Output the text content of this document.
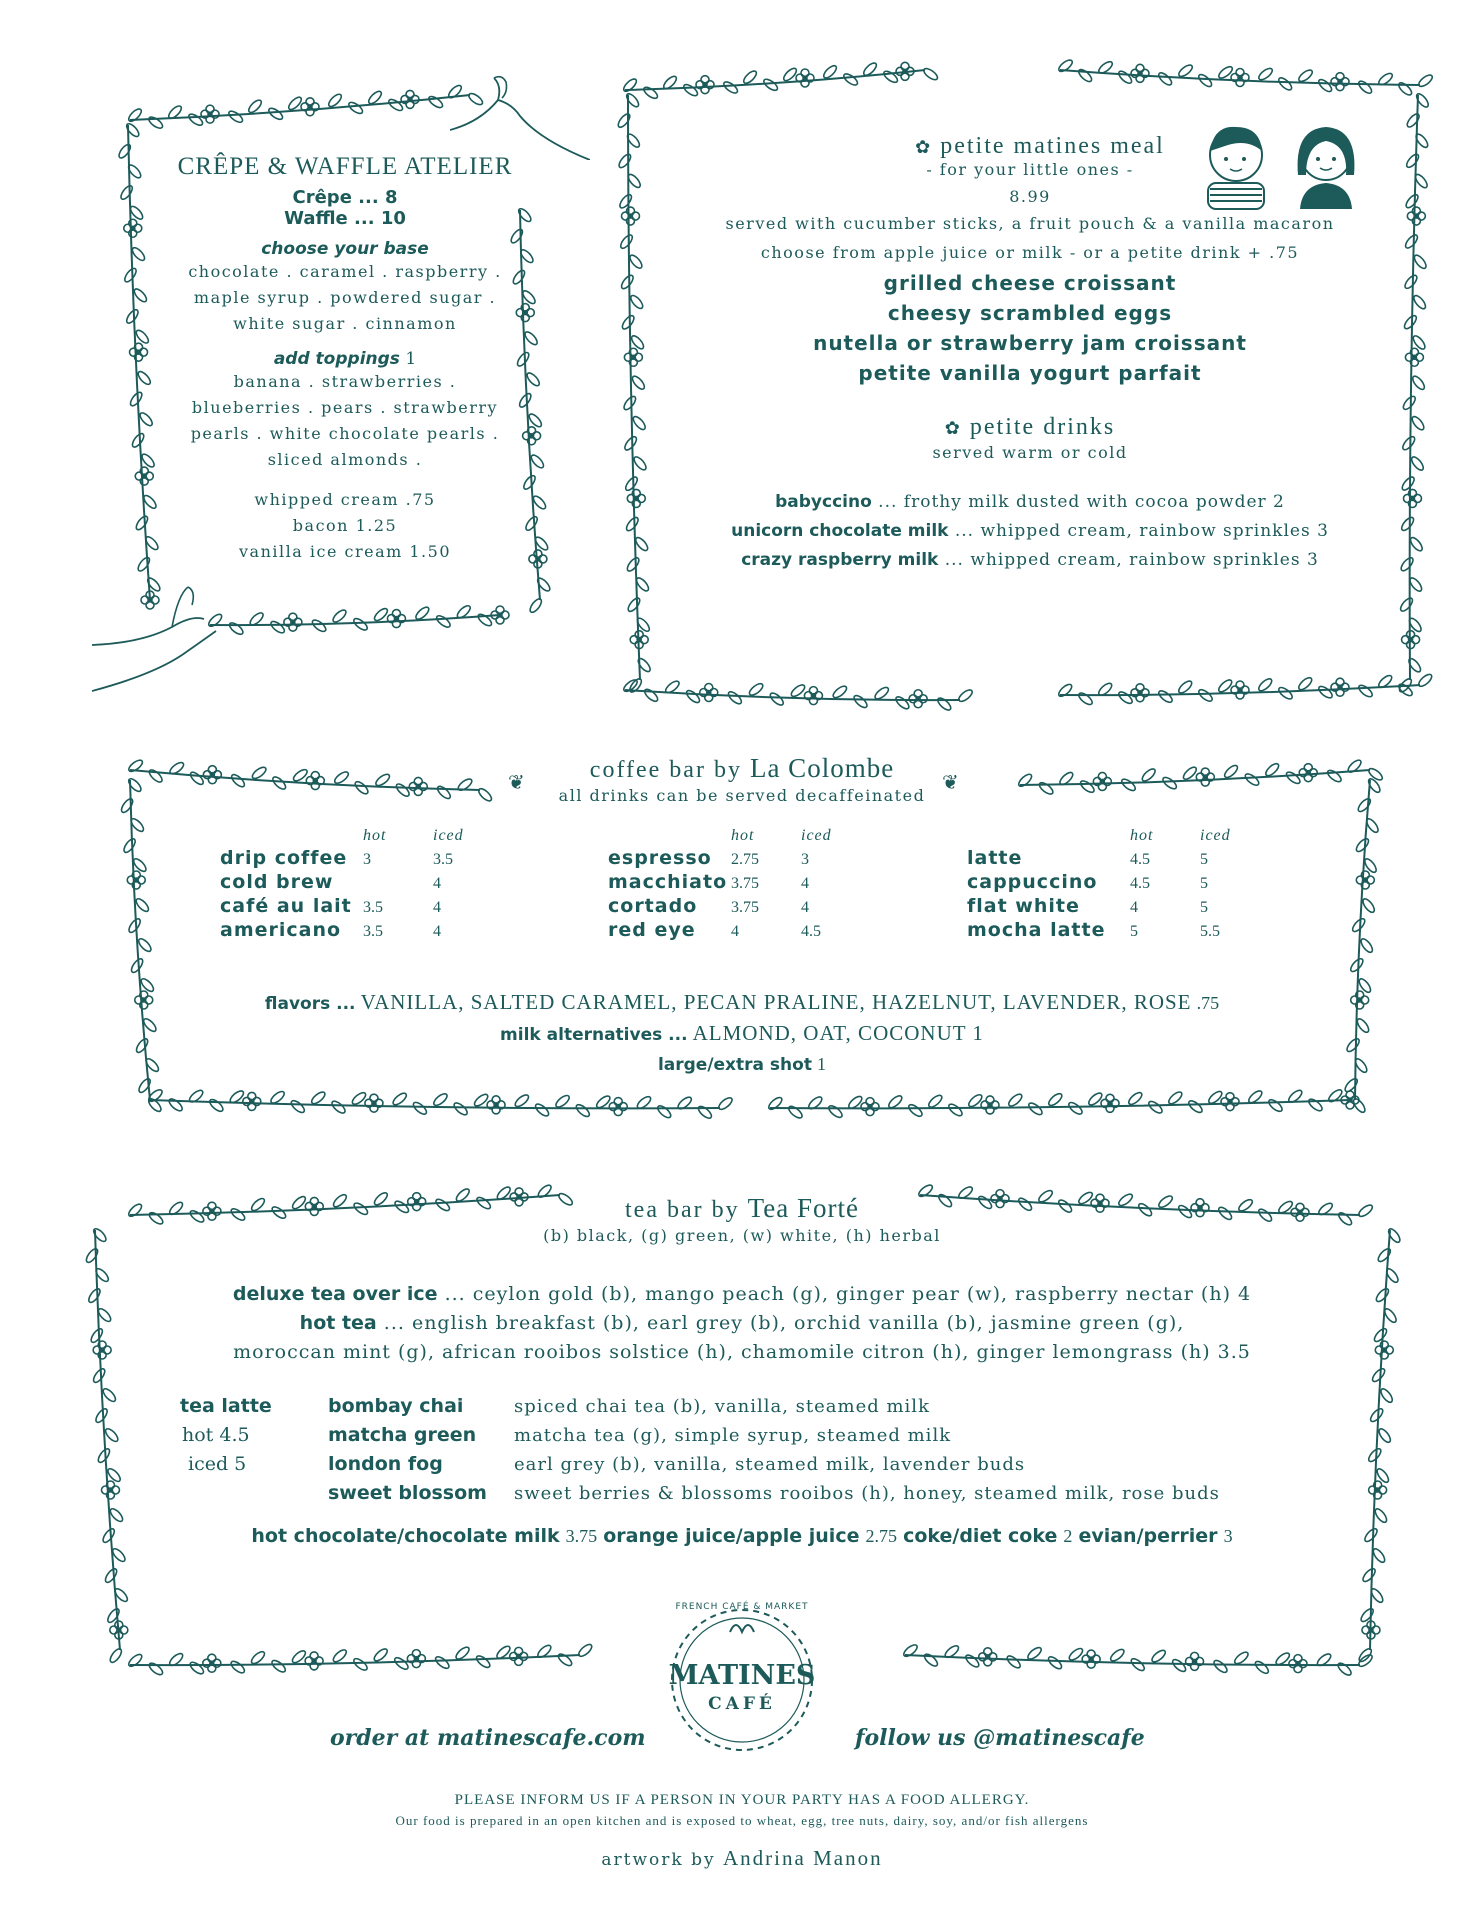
CRÊPE & WAFFLE ATELIER
Crêpe ... 8
Waffle ... 10
choose your base
chocolate . caramel . raspberry .
maple syrup . powdered sugar .
white sugar . cinnamon
add toppings 1
banana . strawberries .
blueberries . pears . strawberry
pearls . white chocolate pearls .
sliced almonds .
whipped cream .75
bacon 1.25
vanilla ice cream 1.50
✿ petite matines meal
- for your little ones -
8.99
served with cucumber sticks, a fruit pouch & a vanilla macaron
choose from apple juice or milk - or a petite drink + .75
grilled cheese croissant
cheesy scrambled eggs
nutella or strawberry jam croissant
petite vanilla yogurt parfait
✿ petite drinks
served warm or cold
babyccino ... frothy milk dusted with cocoa powder 2
unicorn chocolate milk ... whipped cream, rainbow sprinkles 3
crazy raspberry milk ... whipped cream, rainbow sprinkles 3
coffee bar by La Colombe
all drinks can be served decaffeinated
❦	❦
	hot	iced
drip coffee	3	3.5
cold brew		4
café au lait	3.5	4
americano	3.5	4
	hot	iced
espresso	2.75	3
macchiato	3.75	4
cortado	3.75	4
red eye	4	4.5
	hot	iced
latte	4.5	5
cappuccino	4.5	5
flat white	4	5
mocha latte	5	5.5
flavors ... VANILLA, SALTED CARAMEL, PECAN PRALINE, HAZELNUT, LAVENDER, ROSE .75
milk alternatives ... ALMOND, OAT, COCONUT 1
large/extra shot 1
tea bar by Tea Forté
(b) black, (g) green, (w) white, (h) herbal
deluxe tea over ice ... ceylon gold (b), mango peach (g), ginger pear (w), raspberry nectar (h) 4
hot tea ... english breakfast (b), earl grey (b), orchid vanilla (b), jasmine green (g),
moroccan mint (g), african rooibos solstice (h), chamomile citron (h), ginger lemongrass (h) 3.5
tea latte
hot 4.5
iced 5
bombay chai	spiced chai tea (b), vanilla, steamed milk
matcha green	matcha tea (g), simple syrup, steamed milk
london fog	earl grey (b), vanilla, steamed milk, lavender buds
sweet blossom	sweet berries & blossoms rooibos (h), honey, steamed milk, rose buds
hot chocolate/chocolate milk 3.75 orange juice/apple juice 2.75 coke/diet coke 2 evian/perrier 3
order at matinescafe.com	follow us @matinescafe
FRENCH CAFÉ & MARKET
MATINES
CAFÉ
PLEASE INFORM US IF A PERSON IN YOUR PARTY HAS A FOOD ALLERGY.
Our food is prepared in an open kitchen and is exposed to wheat, egg, tree nuts, dairy, soy, and/or fish allergens
artwork by Andrina Manon
